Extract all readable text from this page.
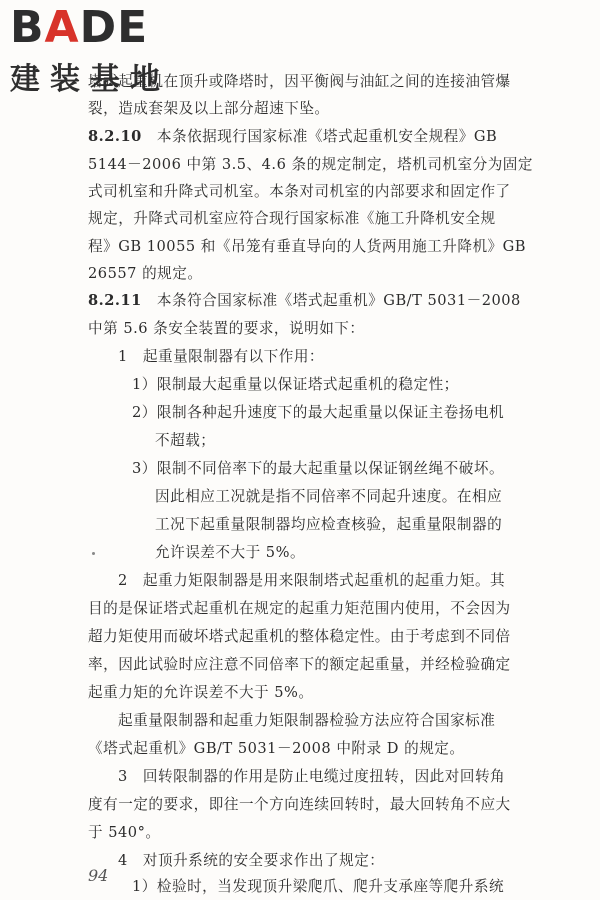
BADE
建装基地
塔式起重机在顶升或降塔时，因平衡阀与油缸之间的连接油管爆
裂，造成套架及以上部分超速下坠。
8.2.10　 本条依据现行国家标准《塔式起重机安全规程》GB
5144－2006 中第 3.5、4.6 条的规定制定，塔机司机室分为固定
式司机室和升降式司机室。本条对司机室的内部要求和固定作了
规定，升降式司机室应符合现行国家标准《施工升降机安全规
程》GB 10055 和《吊笼有垂直导向的人货两用施工升降机》GB
26557 的规定。
8.2.11　 本条符合国家标准《塔式起重机》GB/T 5031－2008
中第 5.6 条安全装置的要求，说明如下：
1　起重量限制器有以下作用：
1）限制最大起重量以保证塔式起重机的稳定性；
2）限制各种起升速度下的最大起重量以保证主卷扬电机
不超载；
3）限制不同倍率下的最大起重量以保证钢丝绳不破坏。
因此相应工况就是指不同倍率不同起升速度。在相应
工况下起重量限制器均应检查核验，起重量限制器的
允许误差不大于 5%。
2　起重力矩限制器是用来限制塔式起重机的起重力矩。其
目的是保证塔式起重机在规定的起重力矩范围内使用，不会因为
超力矩使用而破坏塔式起重机的整体稳定性。由于考虑到不同倍
率，因此试验时应注意不同倍率下的额定起重量，并经检验确定
起重力矩的允许误差不大于 5%。
起重量限制器和起重力矩限制器检验方法应符合国家标准
《塔式起重机》GB/T 5031－2008 中附录 D 的规定。
3　回转限制器的作用是防止电缆过度扭转，因此对回转角
度有一定的要求，即往一个方向连续回转时，最大回转角不应大
于 540°。
4　对顶升系统的安全要求作出了规定：
1）检验时，当发现顶升梁爬爪、爬升支承座等爬升系统
94
